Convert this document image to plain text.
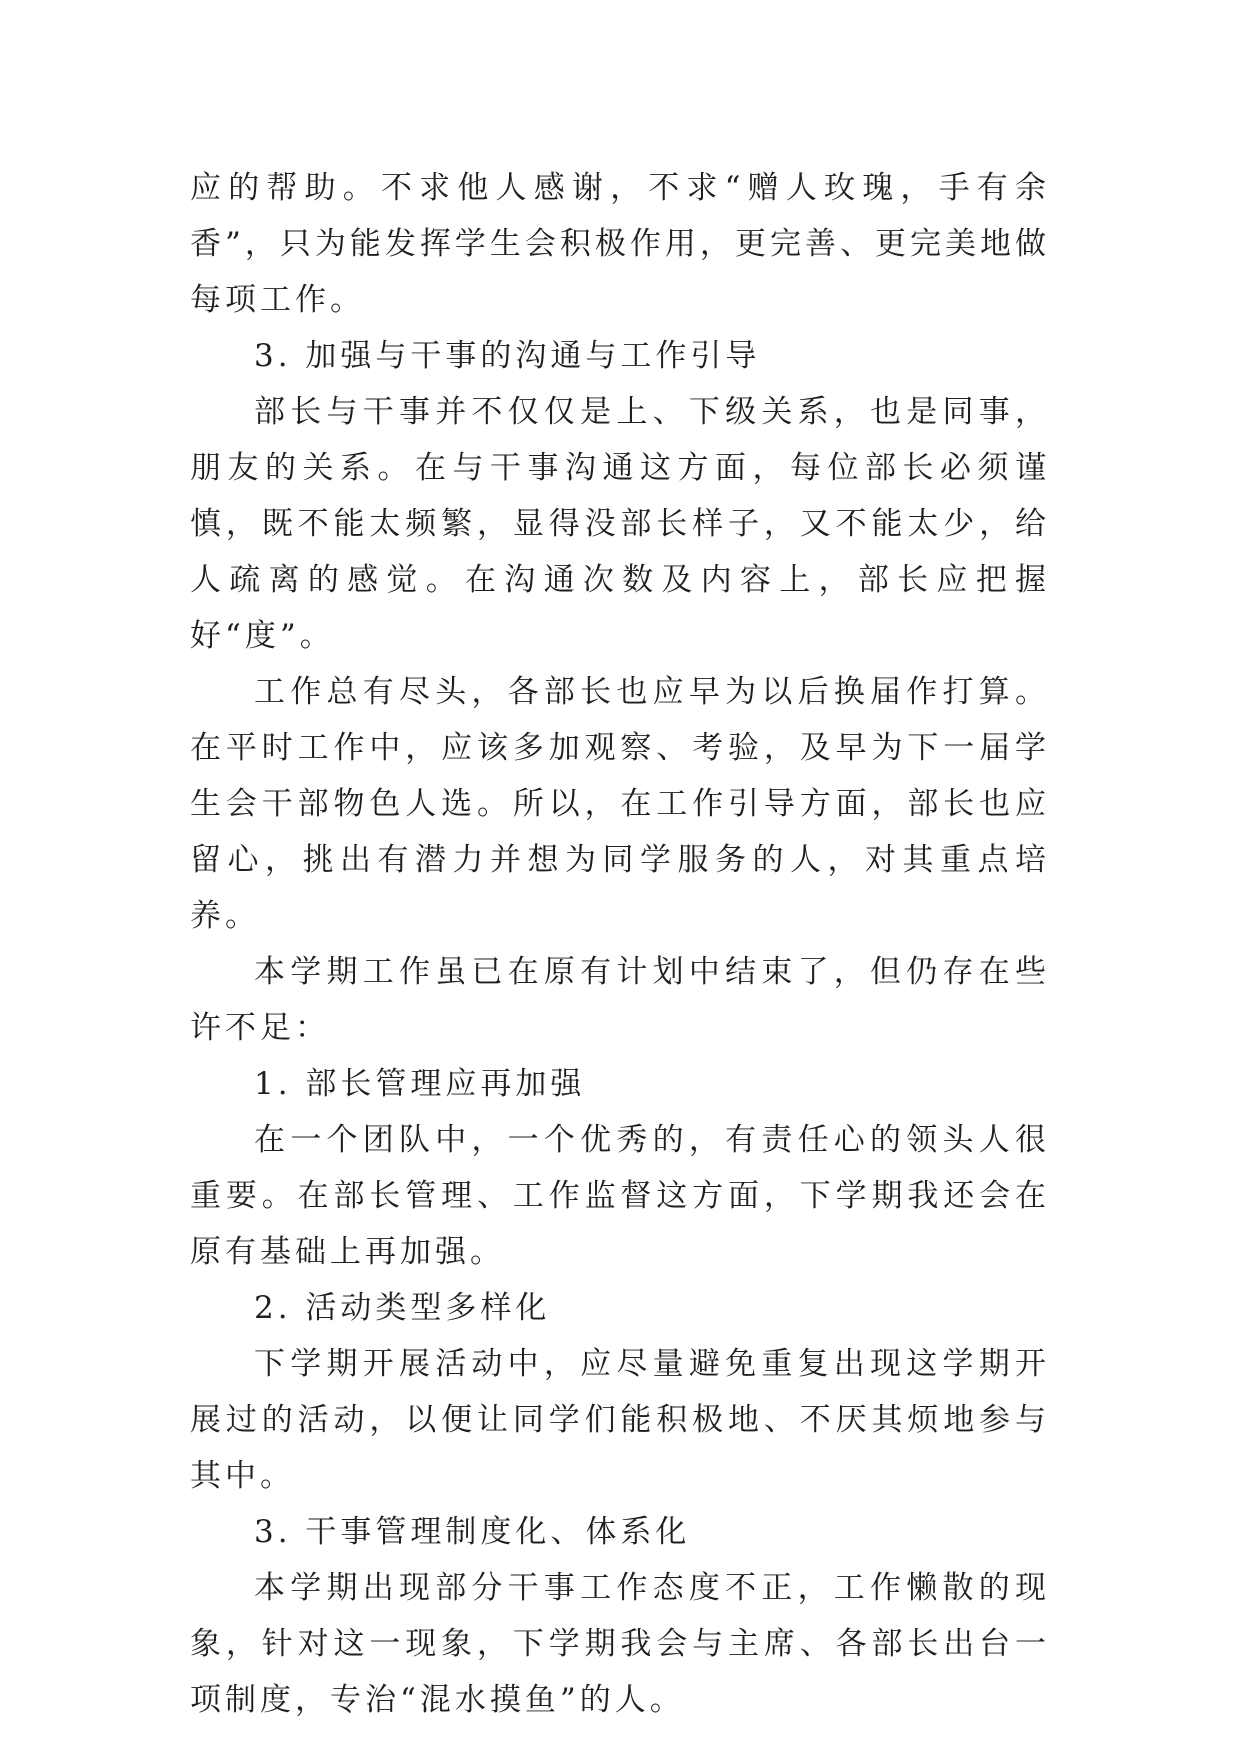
应的帮助。不求他人感谢，不求“赠人玫瑰，手有余香”，只为能发挥学生会积极作用，更完善、更完美地做每项工作。

3. 加强与干事的沟通与工作引导

部长与干事并不仅仅是上、下级关系，也是同事，朋友的关系。在与干事沟通这方面，每位部长必须谨慎，既不能太频繁，显得没部长样子，又不能太少，给人疏离的感觉。在沟通次数及内容上，部长应把握好“度”。

工作总有尽头，各部长也应早为以后换届作打算。在平时工作中，应该多加观察、考验，及早为下一届学生会干部物色人选。所以，在工作引导方面，部长也应留心，挑出有潜力并想为同学服务的人，对其重点培养。

本学期工作虽已在原有计划中结束了，但仍存在些许不足：

1. 部长管理应再加强

在一个团队中，一个优秀的，有责任心的领头人很重要。在部长管理、工作监督这方面，下学期我还会在原有基础上再加强。

2. 活动类型多样化

下学期开展活动中，应尽量避免重复出现这学期开展过的活动，以便让同学们能积极地、不厌其烦地参与其中。

3. 干事管理制度化、体系化

本学期出现部分干事工作态度不正，工作懒散的现象，针对这一现象，下学期我会与主席、各部长出台一项制度，专治“混水摸鱼”的人。
